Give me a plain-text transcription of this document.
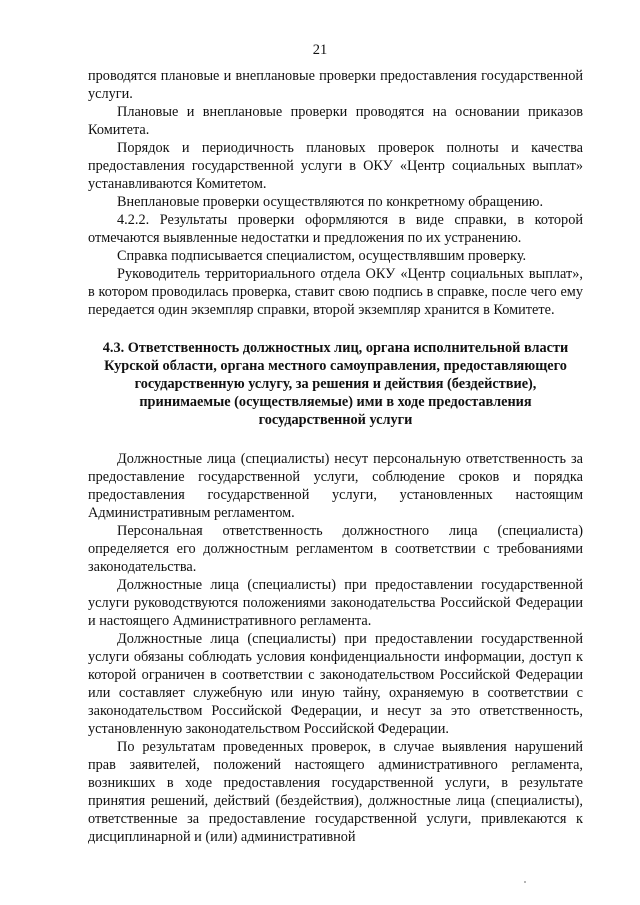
21

проводятся плановые и внеплановые проверки предоставления государственной услуги.

Плановые и внеплановые проверки проводятся на основании приказов Комитета.

Порядок и периодичность плановых проверок полноты и качества предоставления государственной услуги в ОКУ «Центр социальных выплат» устанавливаются Комитетом.

Внеплановые проверки осуществляются по конкретному обращению.

4.2.2. Результаты проверки оформляются в виде справки, в которой отмечаются выявленные недостатки и предложения по их устранению.

Справка подписывается специалистом, осуществлявшим проверку.

Руководитель территориального отдела ОКУ «Центр социальных выплат», в котором проводилась проверка, ставит свою подпись в справке, после чего ему передается один экземпляр справки, второй экземпляр хранится в Комитете.

4.3. Ответственность должностных лиц, органа исполнительной власти Курской области, органа местного самоуправления, предоставляющего государственную услугу, за решения и действия (бездействие), принимаемые (осуществляемые) ими в ходе предоставления государственной услуги

Должностные лица (специалисты) несут персональную ответственность за предоставление государственной услуги, соблюдение сроков и порядка предоставления государственной услуги, установленных настоящим Административным регламентом.

Персональная ответственность должностного лица (специалиста) определяется его должностным регламентом в соответствии с требованиями законодательства.

Должностные лица (специалисты) при предоставлении государственной услуги руководствуются положениями законодательства Российской Федерации и настоящего Административного регламента.

Должностные лица (специалисты) при предоставлении государственной услуги обязаны соблюдать условия конфиденциальности информации, доступ к которой ограничен в соответствии с законодательством Российской Федерации или составляет служебную или иную тайну, охраняемую в соответствии с законодательством Российской Федерации, и несут за это ответственность, установленную законодательством Российской Федерации.

По результатам проведенных проверок, в случае выявления нарушений прав заявителей, положений настоящего административного регламента, возникших в ходе предоставления государственной услуги, в результате принятия решений, действий (бездействия), должностные лица (специалисты), ответственные за предоставление государственной услуги, привлекаются к дисциплинарной и (или) административной
